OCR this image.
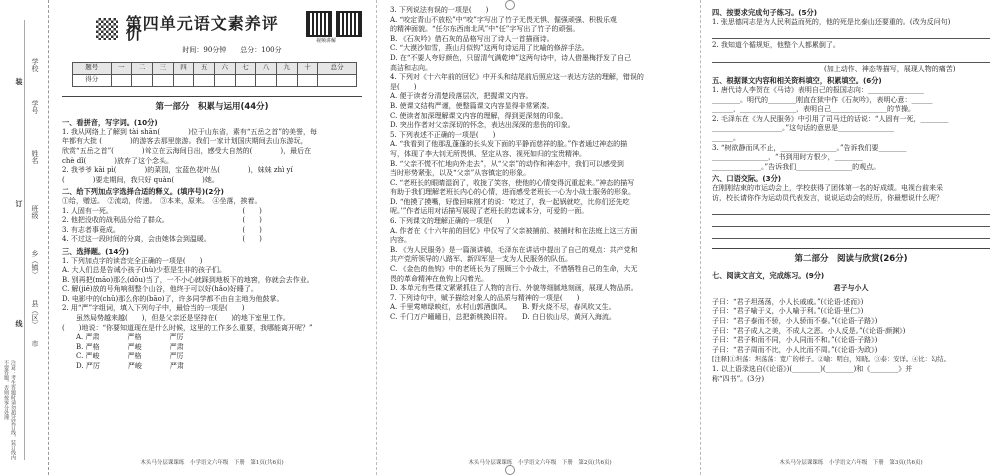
学校
学号
姓名
班级
乡（镇）
县（区）
市
装
订
线
注意：考生答题时请勿超过装订线，装订线内不要答题，否则按零分处理
第四单元语文素养评价	视频讲解
时间：90分钟　　总分：100分
题号	一	二	三	四	五	六	七	八	九	十	总分
得分											
第一部分　积累与运用(44分)
一、看拼音，写字词。(10分)
1. 我从网络上了解到 tài shān(　　　　)位于山东省，素有“五岳之首”的美誉，每
年都有大批 (　　　　)的游客去那里旅游。我们一家计划国庆期间去山东游玩，
欣赏“五岳之首”(　　　　)耸立在云海间日出，感受大自然的(　　　　)，最后在
chè dǐ(　　　　)放弃了这个念头。
2. 我爷爷 kāi pì(　　　　)的菜园，宝蓝色花叶丛(　　　　)，妹妹 zhì yí
(　　　　)要走期间，我只好 quàn(　　　　)她。
二、给下列加点字选择合适的释义。(填序号)(2分)
①给，赠送。　②流动，传递。　③本来，原来。　④坐落，挨着。
1. 人固有一死。　　　　　　　　　　　　　　　　　　　(　　)
2. 他把没收的战利品分给了群众。　　　　　　　　　　　(　　)
3. 有志者事竟成。　　　　　　　　　　　　　　　　　　(　　)
4. 不过这一段时间的分离，会由她体会到温暖。　　　　　(　　)
三、选择题。(14分)
1. 下列加点字的读音完全正确的一项是(　　)
A. 大人们总是告诫小孩子(hù)少惹是生非的孩子们。
B. 别再把(māo)那么(dǒu)当了，一不小心就踩到地板下的地窖，你就会去作业。
C. 解(jiě)放的号角响彻整个山谷，他终于可以好(hǎo)好睡了。
D. 电影中的(chǔ)那么你的(bāo)了，许多同学都不由自主地为他鼓掌。
2. 用“严”字组词，填入下列句子中，最恰当的一项是(　　)
　　虽然局势越来越(　　)，但是父亲还是坚持在(　　)的地下室里工作。
(　　)地说：“你要知道现在是什么时候，这里的工作多么重要，我哪能离开呢？”
A. 严肃	严格	严厉
B. 严格	严峻	严肃
C. 严峻	严格	严厉
D. 严厉	严峻	严肃
木头马分层课课练　小学语文六年级　下册　第1页(共6页)
3. 下列说法有误的一项是(　　)
A. “咬定青山不放松”中“咬”字写出了竹子无畏无惧、倔强顽强、积极乐观
的精神面貌。“任尔东西南北风”中“任”字写出了竹子的顽强。
B. 《石灰吟》借石灰的品格写出了诗人一首描画诗。
C. “大漠沙如雪，燕山月似钩”这两句诗运用了比喻的修辞手法。
D. 在“不要人夸好颜色，只留清气满乾坤”这两句诗中，诗人借墨梅抒发了自己
高洁和志向。
4. 下列对《十六年前的回忆》中开头和结尾前后照应这一表达方法的理解，错误的
是(　　)
A. 便于读者分清楚段落层次，把握课文内容。
B. 使课文结构严谨，使整篇课文内容显得非常紧凑。
C. 使读者加深理解课文内容的理解，得到更深刻的印象。
D. 突出作者对父亲深切的怀念，表达出深深的悲伤的印象。
5. 下列表述不正确的一项是(　　)
A. “我看到了他那乱蓬蓬的长头发下面的平静而慈祥的脸。”作者通过神态的描
写，体现了李大钊无所畏惧、坚定从容、视死如归的宝贵精神。
B. “父亲不慌不忙地向外走去”，从“父亲”的动作和神态中，我们可以感受到
当时形势紧张，以及“父亲”从容镇定的形象。
C. “老班长的眼睛湿润了，收拢了笑容，使他的心情变得沉重起来。”神态的描写
有助于我们理解老班长内心的心情，进而感受老班长一心为小战士服务的形象。
D. “他摸了摸嘴，好像回味刚才的说：‘吃过了，我一起锅就吃，比你们还先吃
呢。’”作者运用对话描写展现了老班长的忠诚本分，可爱的一面。
6. 下列课文的理解正确的一项是(　　)
A. 作者在《十六年前的回忆》中仅写了父亲被捕前、被捕时和在法庭上这三方面
内容。
B. 《为人民服务》是一篇演讲稿，毛泽东在讲话中提出了自己的观点：共产党和
共产党所领导的八路军、新四军是一支为人民服务的队伍。
C. 《金色的鱼钩》中的老班长为了照顾三个小战士，不惜牺牲自己的生命，大无
畏的革命精神在鱼钩上闪着光。
D. 本单元有些课文紧紧抓住了人物的言行、外貌等细腻地刻画，展现人物品质。
7. 下列诗句中，赋予描绘对象人的品质与精神的一项是(　　)
A. 千里莺啼绿映红，水村山郭酒旗风。　　B. 野火烧不尽，春风吹又生。
C. 千门万户曈曈日，总把新桃换旧符。　　D. 白日依山尽，黄河入海流。
木头马分层课课练　小学语文六年级　下册　第2页(共6页)
四、按要求完成句子练习。(5分)
1. 张思德同志是为人民利益而死的，他的死是比泰山还要重的。(改为反问句)
2. 我知道个循规矩，他整个人都累倒了。
　　　　　　　　　　　　　　　　(加上动作、神态等描写，展现人物的痛苦)
五、根据课文内容和相关资料填空，积累填空。(6分)
1. 唐代诗人李贺在《马诗》表明自己的报国志向：________________
________。明代的________刚直在狱中作《石灰吟》，表明心意：______
______，________________，表明自己________________的节操。
2. 毛泽东在《为人民服务》中引用了司马迁的话说：“人固有一死，________
____________________。”这句话的意思是________________
______。
3. “树欲静而风不止，________________。”告诉我们要________
________________，“书到用时方恨少，________
______________。”告诉我们________________的观点。
六、口语交际。(3分)
在刚刚结束的市运动会上，学校获得了团体第一名的好成绩。电视台前来采
访，校长请你作为运动员代表发言，说说运动会的经历，你最想说什么呢？
第二部分　阅读与欣赏(26分)
七、阅读文言文，完成练习。(9分)
君子与小人
子曰：“君子坦荡荡，小人长戚戚。”(《论语·述而》)
子曰：“君子喻于义，小人喻于利。”(《论语·里仁》)
子曰：“君子泰而不骄，小人骄而不泰。”(《论语·子路》)
子曰：“君子成人之美，不成人之恶。小人反是。”(《论语·颜渊》)
子曰：“君子和而不同，小人同而不和。”(《论语·子路》)
子曰：“君子周而不比，小人比而不周。”(《论语·为政》)
[注释]①坦荡：坦荡荡：宽广的样子。②喻：明白，知晓。③泰：安详。④比：勾结。
1. 以上语录选自(《论语》)(________)(________)和《________》并
称“四书”。(3分)
木头马分层课课练　小学语文六年级　下册　第3页(共6页)
